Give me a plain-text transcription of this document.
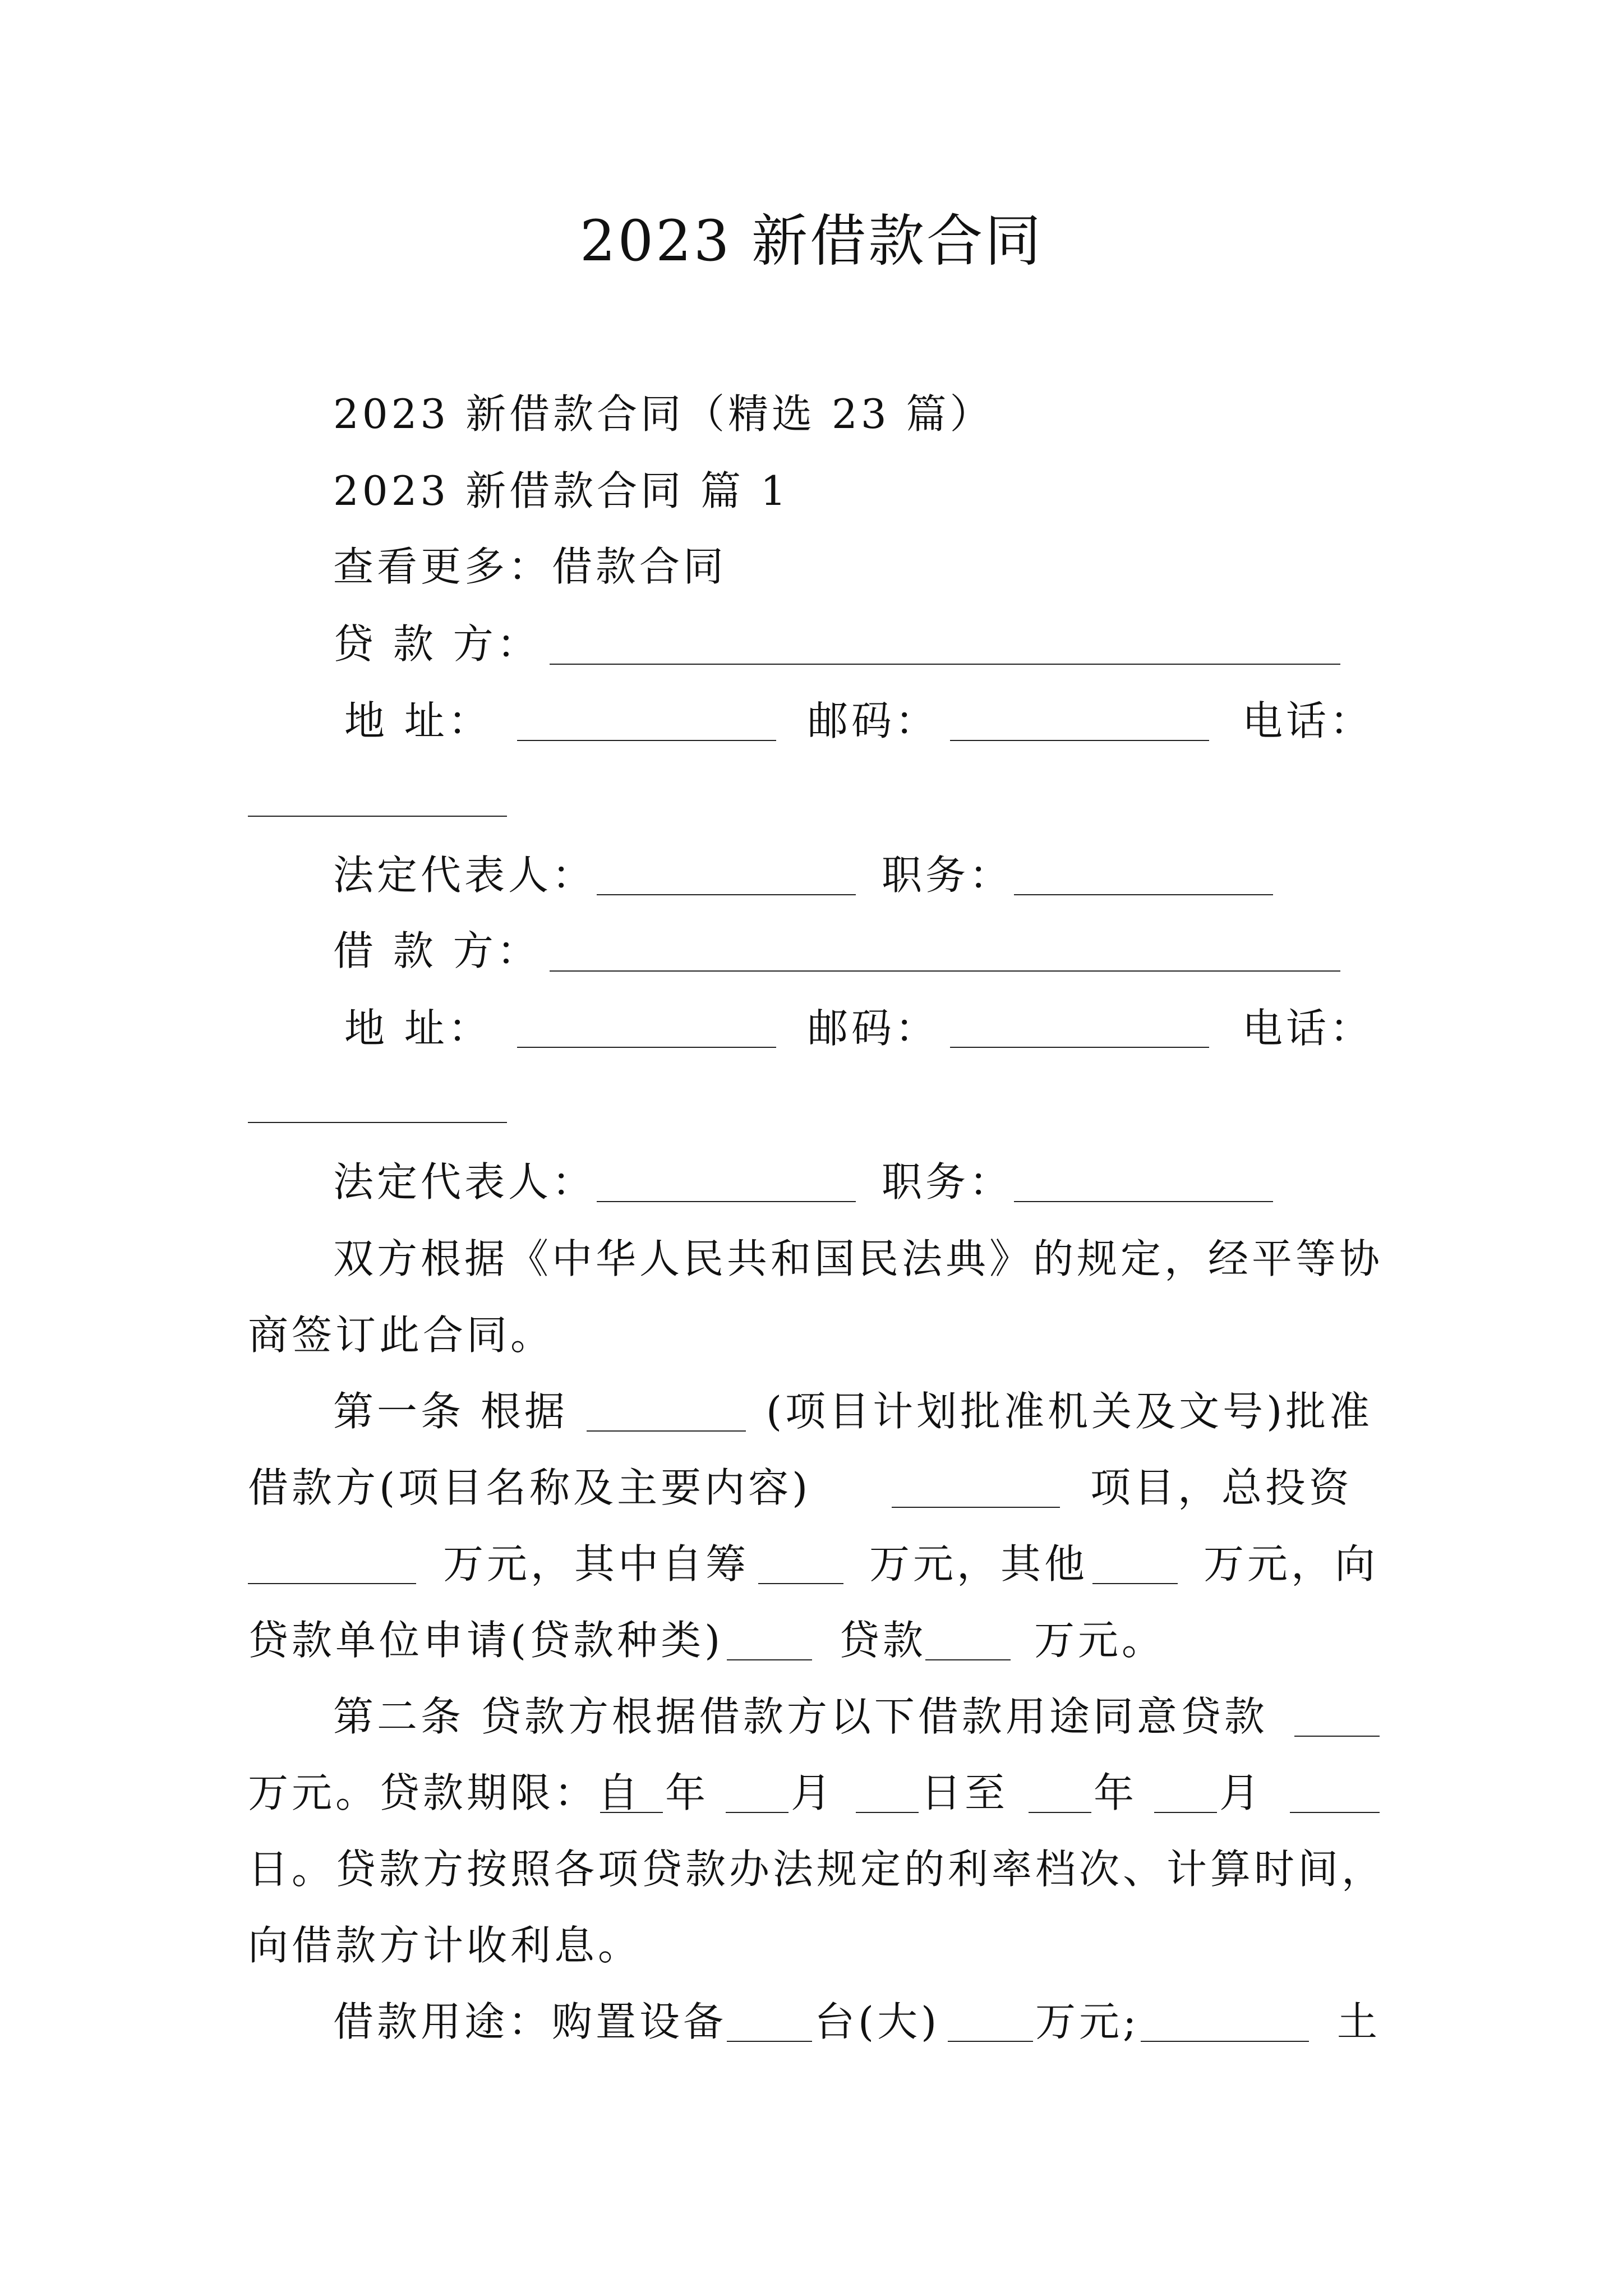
2023 新借款合同
2023 新借款合同（精选 23 篇）
2023 新借款合同 篇 1
查看更多：借款合同
贷 款 方：
地 址：	邮码：	电话：
法定代表人：	职务：
借 款 方：
地 址：	邮码：	电话：
法定代表人：	职务：
双方根据《中华人民共和国民法典》的规定，经平等协
商签订此合同。
第一条 根据	(项目计划批准机关及文号)批准
借款方(项目名称及主要内容)	项目，总投资
万元，其中自筹	万元，其他	万元，向
贷款单位申请(贷款种类)	贷款	万元。
第二条 贷款方根据借款方以下借款用途同意贷款
万元。贷款期限：自 年 月 日至 年 月
日。贷款方按照各项贷款办法规定的利率档次、计算时间，
向借款方计收利息。
借款用途：购置设备 台(大) 万元;	土
